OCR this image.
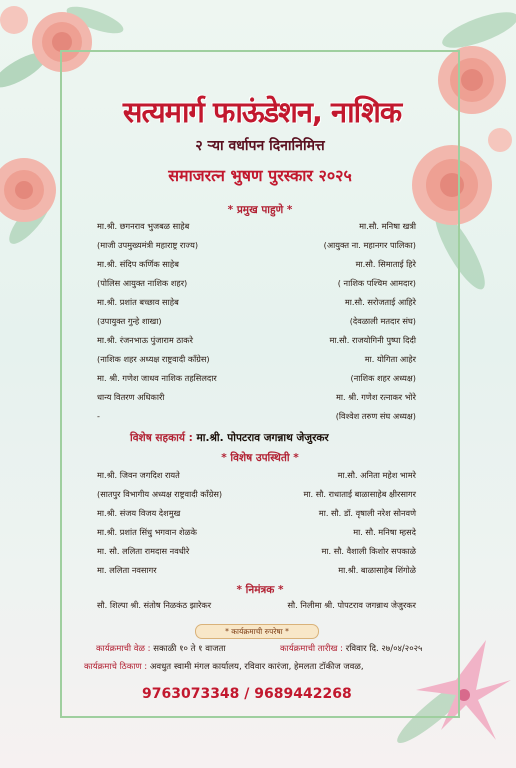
सत्यमार्ग फाऊंडेशन, नाशिक
२ ऱ्या वर्धापन दिनानिमित्त
समाजरत्न भुषण पुरस्कार २०२५
* प्रमुख पाहुणे *
मा.श्री. छगनराव भुजबळ साहेब	मा.सौ. मनिषा खत्री
(माजी उपमुख्यमंत्री महाराष्ट्र राज्य)	(आयुक्त ना. महानगर पालिका)
मा.श्री. संदिप कर्णिक साहेब	मा.सौ. सिमाताई हिरे
(पोलिस आयुक्त नाशिक शहर)	( नाशिक पश्चिम आमदार)
मा.श्री. प्रशांत बच्छाव साहेब	मा.सौ. सरोजताई आहिरे
(उपायुक्त गुन्हे शाखा)	(देवळाली मतदार संघ)
मा.श्री. रंजनभाऊ पुंजाराम ठाकरे	मा.सौ. राजयोगिनी पुष्पा दिदी
(नाशिक शहर अध्यक्ष राष्ट्रवादी कॉंग्रेस)	मा. योगिता आहेर
मा. श्री. गणेश जाधव नाशिक तहसिलदार	(नाशिक शहर अध्यक्ष)
धान्य वितरण अधिकारी	मा. श्री. गणेश रत्नाकर भोरे
-	(विश्वेश तरुण संघ अध्यक्ष)
विशेष सहकार्य : मा.श्री. पोपटराव जगन्नाथ जेजुरकर
* विशेष उपस्थिती *
मा.श्री. जिवन जगदिश रायते	मा.सौ. अनिता महेश भामरे
(सातपुर विभागीय अध्यक्ष राष्ट्रवादी कॉंग्रेस)	मा. सौ. राधाताई बाळासाहेब क्षीरसागर
मा.श्री. संजय विजय देशमुख	मा. सौ. डॉ. वृषाली नरेश सोनवणे
मा.श्री. प्रशांत सिंधु भगवान शेळके	मा. सौ. मनिषा म्हसदे
मा. सौ. ललिता रामदास नवधीरे	मा. सौ. वैशाली किशोर सपकाळे
मा. ललिता नवसागर	मा.श्री. बाळासाहेब शिंगोळे
* निमंत्रक *
सौ. शिल्पा श्री. संतोष निळकंठ झारेकर	सौ. निलीमा श्री. पोपटराव जगन्नाथ जेजुरकर
* कार्यक्रमाची रुपरेषा *
कार्यक्रमाची वेळ : सकाळी १० ते १ वाजता	कार्यक्रमाची तारीख : रविवार दि. २७/०४/२०२५
कार्यक्रमाचे ठिकाण : अवधुत स्वामी मंगल कार्यालय, रविवार कारंजा, हेमलता टॉकीज जवळ,
9763073348 / 9689442268
